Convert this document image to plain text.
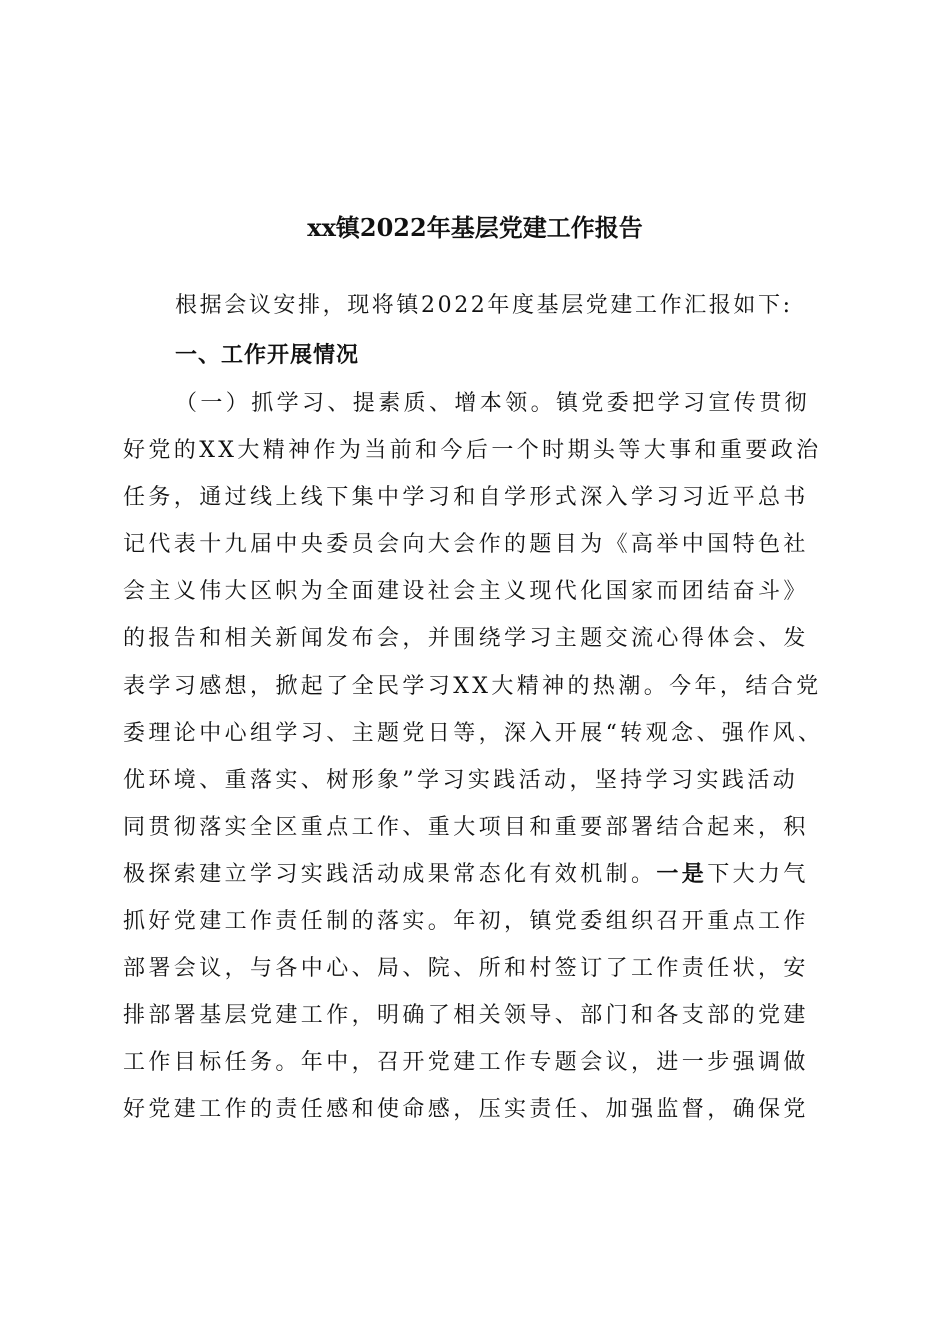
xx镇2022年基层党建工作报告
根据会议安排，现将镇2022年度基层党建工作汇报如下:
一、工作开展情况
（一）抓学习、提素质、增本领。镇党委把学习宣传贯彻
好党的XX大精神作为当前和今后一个时期头等大事和重要政治
任务，通过线上线下集中学习和自学形式深入学习习近平总书
记代表十九届中央委员会向大会作的题目为《高举中国特色社
会主义伟大区帜为全面建设社会主义现代化国家而团结奋斗》
的报告和相关新闻发布会，并围绕学习主题交流心得体会、发
表学习感想，掀起了全民学习XX大精神的热潮。今年，结合党
委理论中心组学习、主题党日等，深入开展“转观念、强作风、
优环境、重落实、树形象”学习实践活动，坚持学习实践活动
同贯彻落实全区重点工作、重大项目和重要部署结合起来，积
极探索建立学习实践活动成果常态化有效机制。一是下大力气
抓好党建工作责任制的落实。年初，镇党委组织召开重点工作
部署会议，与各中心、局、院、所和村签订了工作责任状，安
排部署基层党建工作，明确了相关领导、部门和各支部的党建
工作目标任务。年中，召开党建工作专题会议，进一步强调做
好党建工作的责任感和使命感，压实责任、加强监督，确保党
